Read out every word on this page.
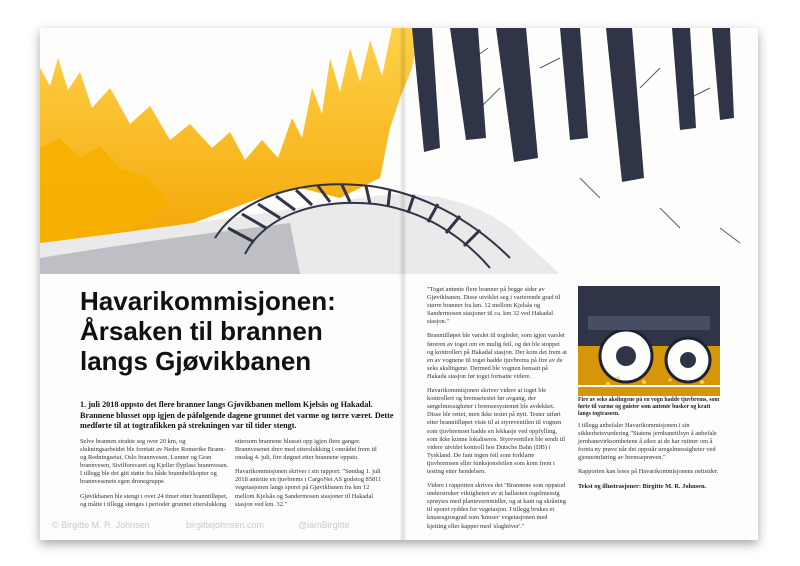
Havarikommisjonen: Årsaken til brannen langs Gjøvikbanen

1. juli 2018 oppsto det flere branner langs Gjøvikbanen mellom Kjelsås og Hakadal. Brannene blusset opp igjen de påfølgende dagene grunnet det varme og tørre været. Dette medførte til at togtrafikken på strekningen var til tider stengt.

Selve brannen strakte seg over 20 km, og slukningsarbeidet ble foretatt av Nedre Romerike Brann- og Redningsetat, Oslo brannvesen, Lunner og Gran brannvesen, Sivilforsvaret og Kjeller flyplass brannvesen. I tillegg ble det gitt støtte fra både brannhelikopter og brannvesenets egen dronegruppe.

Gjøvikbanen ble stengt i over 24 timer etter branntilløpet, og måtte i tillegg stenges i perioder grunnet etterslukking

ettersom brannene blusset opp igjen flere ganger. Brannvesenet drev med etterslukking i området frem til onsdag 4. juli, fire døgnet etter brannene oppsto.

Havarikommisjonen skriver i sin rapport: "Søndag 1. juli 2018 anteitte en tjuvbrems i CargoNet AS godstog 85811 vegetasjonen langs sporet på Gjøvikbanen fra km 12 mellom Kjelsås og Sandermosen stasjoner til Hakadal stasjon ved km. 32."

"Toget antente flere branner på begge sider av Gjøvikbanen. Disse utviklet seg i varierende grad til større branner fra km. 12 mellom Kjelsås og Sandermosen stasjoner til ca. km 32 ved Hakadal stasjon."

Branntilløpet ble varslet til togleder, som igjen varslet føreren av toget om en mulig feil, og det ble stoppet og kontrollert på Hakadal stasjon. Der kom det frem at en av vognene til toget hadde tjuvbrems på fire av de seks akslingene. Dermed ble vognen hensatt på Hakada stasjon før toget fortsatte videre.

Havarikommisjonen skriver videre at toget ble kontrollert og bremsetestet før avgang, der sørgelmessigheter i bremsesystemet ble avdekket. Disse ble rettet, men ikke testet på nytt. Tester utført etter branntilløpet viste til at styreventilen til vognen som tjuvbremset hadde en lekkasje ved oppfylling, som ikke kunne lokaliseres. Styreventilen ble sendt til videre utvidet kontroll hos Dutsche Bahn (DB) i Tyskland. De fant ingen feil som forklarte tjuvbremsen eller funksjonsfeilen som kom frem i testing etter hendelsen.

Videre i rapporten skrives det "Brannene som oppstod understreker viktigheten av at ballasten regelmessig sprøytes med plantevernmidler, og at kant og skråning til sporet ryddes for vegetasjon. I tillegg brukes et knusesgrusgrad som 'knuser' vegetasjonen med kjetting eller kapper med 'slaghtiver'."

Fire av seks akslingene på en vogn hadde tjuvbrems, som førte til varme og gnister som antente busker og kratt langs togtraseen.

I tillegg anbefaler Havarikommisjonen i sin sikkerhetsvurdering "Statens jernbanetilsyn å anbefale jernbanevirksomhetene å sikre at de har rutiner om å foreta ny prøve når det oppstår uregelmessigheter ved gjennomføring av bremseprøven."

Rapporten kan leses på Havarikommisjonens nettsider.

Tekst og illustrasjoner: Birgitte M. R. Johnsen.

© Birgitte M. R. Johnsen	birgittejohnsen.com	@iamBirgitte
